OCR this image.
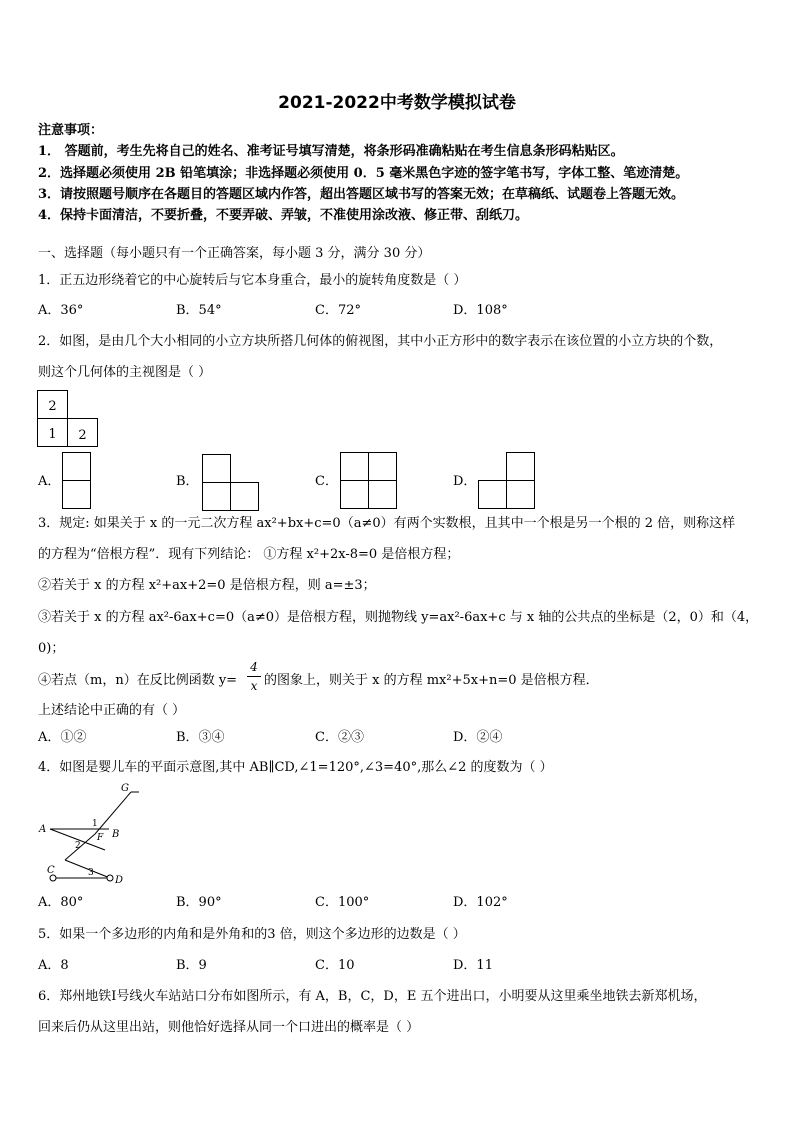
2021-2022中考数学模拟试卷
注意事项：
1． 答题前，考生先将自己的姓名、准考证号填写清楚，将条形码准确粘贴在考生信息条形码粘贴区。
2．选择题必须使用 2B 铅笔填涂；非选择题必须使用 0．5 毫米黑色字迹的签字笔书写，字体工整、笔迹清楚。
3．请按照题号顺序在各题目的答题区域内作答，超出答题区域书写的答案无效；在草稿纸、试题卷上答题无效。
4．保持卡面清洁，不要折叠，不要弄破、弄皱，不准使用涂改液、修正带、刮纸刀。
一、选择题（每小题只有一个正确答案，每小题 3 分，满分 30 分）
1．正五边形绕着它的中心旋转后与它本身重合，最小的旋转角度数是（ ）
A．36°	B．54°	C．72°	D．108°
2．如图，是由几个大小相同的小立方块所搭几何体的俯视图，其中小正方形中的数字表示在该位置的小立方块的个数，
则这个几何体的主视图是（ ）
2
1 2
A．	B．	C．	D．
3．规定: 如果关于 x 的一元二次方程 ax²+bx+c=0（a≠0）有两个实数根，且其中一个根是另一个根的 2 倍，则称这样
的方程为“倍根方程”．现有下列结论： ①方程 x²+2x-8=0 是倍根方程；
②若关于 x 的方程 x²+ax+2=0 是倍根方程，则 a=±3；
③若关于 x 的方程 ax²-6ax+c=0（a≠0）是倍根方程，则抛物线 y=ax²-6ax+c 与 x 轴的公共点的坐标是（2，0）和（4，
0)；
④若点（m，n）在反比例函数 y=
4
x 的图象上，则关于 x 的方程 mx²+5x+n=0 是倍根方程．
上述结论中正确的有（ ）
A．①②	B．③④	C．②③	D．②④
4．如图是婴儿车的平面示意图,其中 AB∥CD,∠1=120°,∠3=40°,那么∠2 的度数为（ ）
G
A	1
F B
2
C	3
D
A．80°	B．90°	C．100°	D．102°
5．如果一个多边形的内角和是外角和的3 倍，则这个多边形的边数是（ ）
A．8	B．9	C．10	D．11
6．郑州地铁Ⅰ号线火车站站口分布如图所示，有 A，B，C，D，E 五个进出口，小明要从这里乘坐地铁去新郑机场，
回来后仍从这里出站，则他恰好选择从同一个口进出的概率是（ ）
